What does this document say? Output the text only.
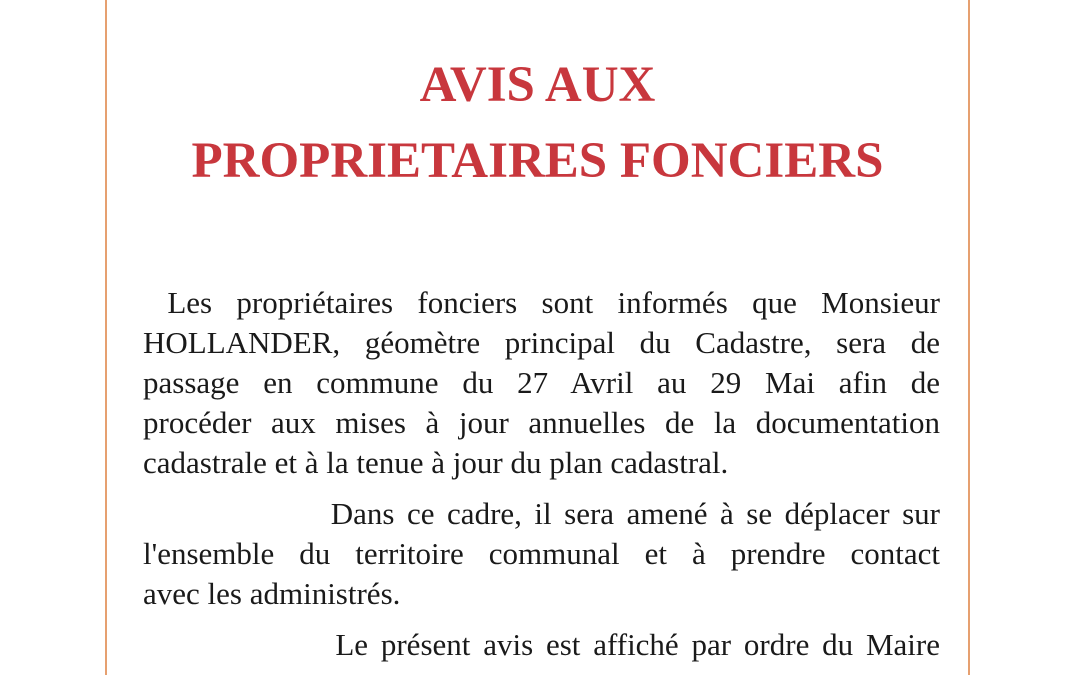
AVIS AUX
PROPRIETAIRES FONCIERS
Les propriétaires fonciers sont informés que Monsieur
HOLLANDER, géomètre principal du Cadastre, sera de
passage en commune du 27 Avril au 29 Mai afin de
procéder aux mises à jour annuelles de la documentation
cadastrale et à la tenue à jour du plan cadastral.
Dans ce cadre, il sera amené à se déplacer sur
l'ensemble du territoire communal et à prendre contact
avec les administrés.
Le présent avis est affiché par ordre du Maire
